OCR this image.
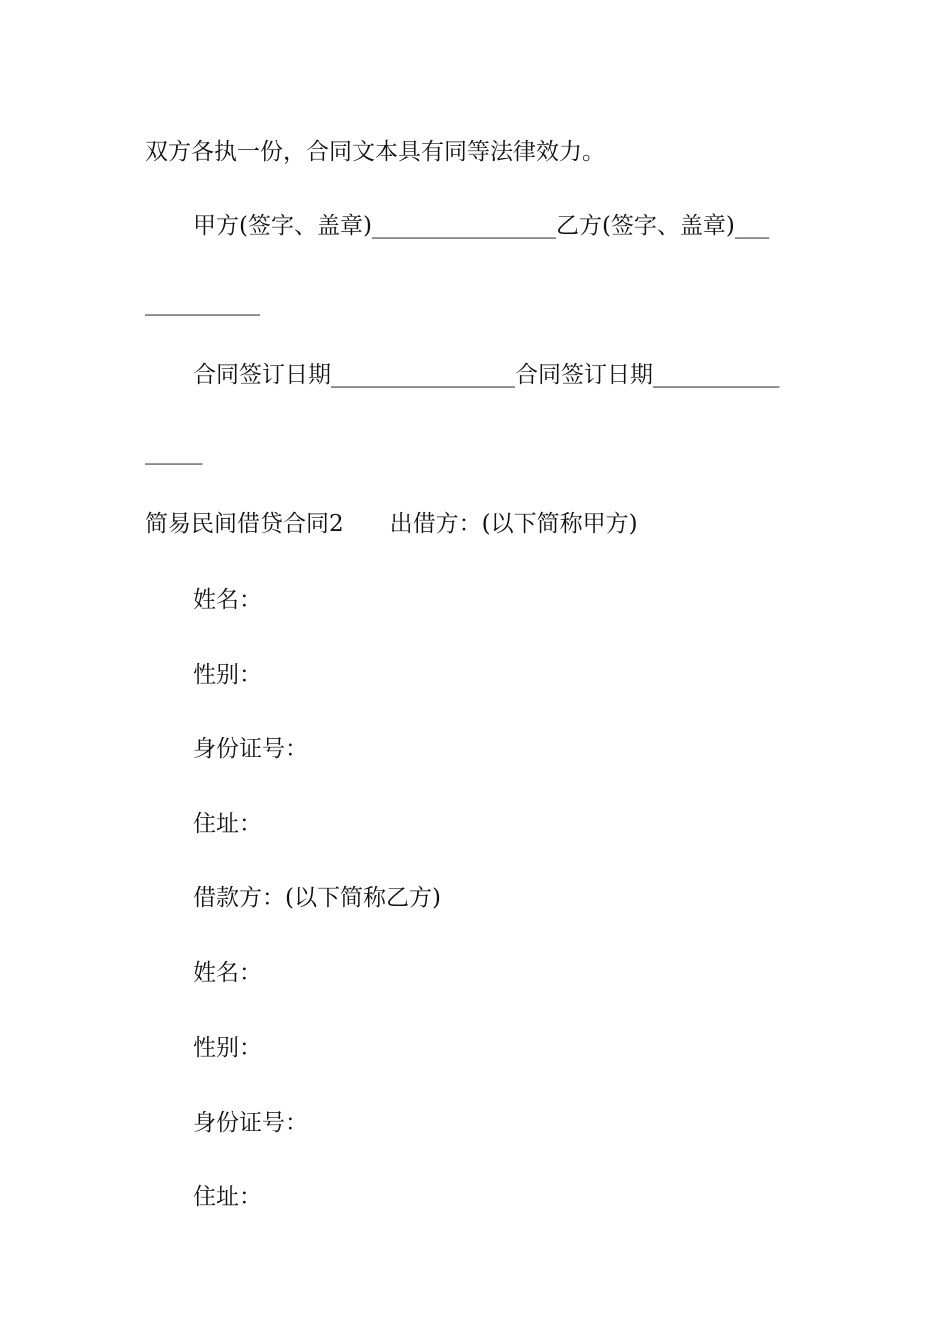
双方各执一份，合同文本具有同等法律效力。

甲方(签字、盖章)________________乙方(签字、盖章)___

__________

合同签订日期________________合同签订日期___________

_____

简易民间借贷合同2　　出借方：(以下简称甲方)

姓名：

性别：

身份证号：

住址：

借款方：(以下简称乙方)

姓名：

性别：

身份证号：

住址：
